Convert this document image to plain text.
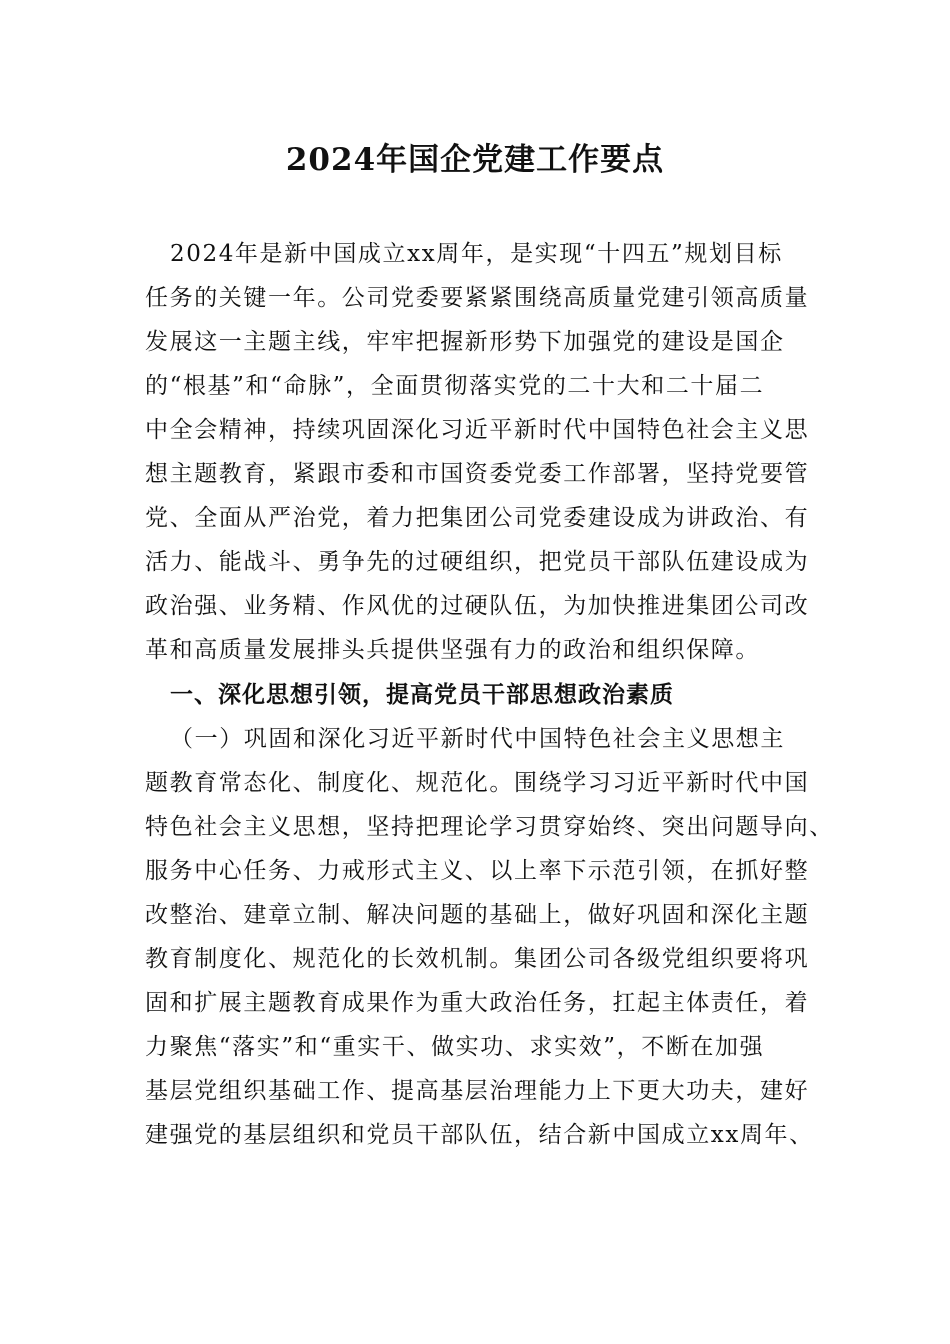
2024年国企党建工作要点
2024年是新中国成立xx周年，是实现“十四五”规划目标
任务的关键一年。公司党委要紧紧围绕高质量党建引领高质量
发展这一主题主线，牢牢把握新形势下加强党的建设是国企
的“根基”和“命脉”，全面贯彻落实党的二十大和二十届二
中全会精神，持续巩固深化习近平新时代中国特色社会主义思
想主题教育，紧跟市委和市国资委党委工作部署，坚持党要管
党、全面从严治党，着力把集团公司党委建设成为讲政治、有
活力、能战斗、勇争先的过硬组织，把党员干部队伍建设成为
政治强、业务精、作风优的过硬队伍，为加快推进集团公司改
革和高质量发展排头兵提供坚强有力的政治和组织保障。
一、深化思想引领，提高党员干部思想政治素质
（一）巩固和深化习近平新时代中国特色社会主义思想主
题教育常态化、制度化、规范化。围绕学习习近平新时代中国
特色社会主义思想，坚持把理论学习贯穿始终、突出问题导向、
服务中心任务、力戒形式主义、以上率下示范引领，在抓好整
改整治、建章立制、解决问题的基础上，做好巩固和深化主题
教育制度化、规范化的长效机制。集团公司各级党组织要将巩
固和扩展主题教育成果作为重大政治任务，扛起主体责任，着
力聚焦“落实”和“重实干、做实功、求实效”，不断在加强
基层党组织基础工作、提高基层治理能力上下更大功夫，建好
建强党的基层组织和党员干部队伍，结合新中国成立xx周年、
